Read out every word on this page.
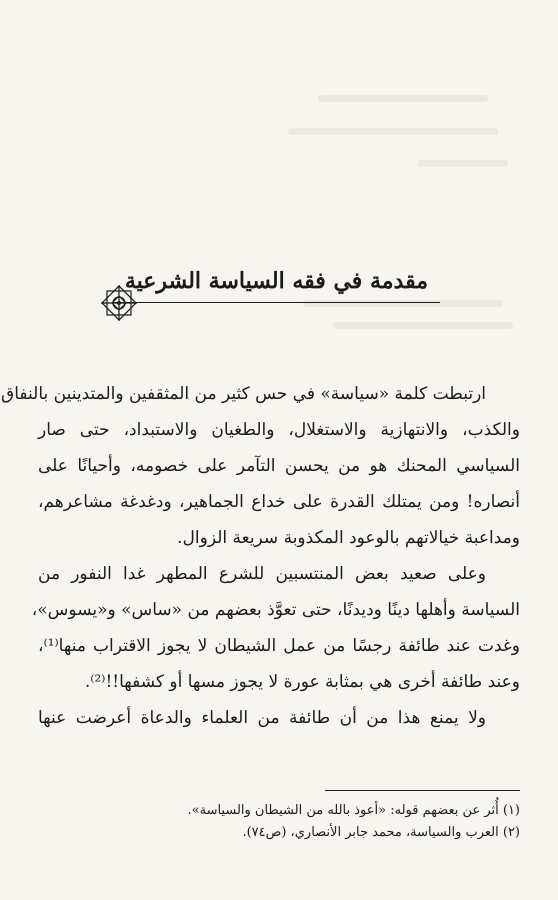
مقدمة في فقه السياسة الشرعية
ارتبطت كلمة «سياسة» في حس كثير من المثقفين والمتدينين بالنفاق
والكذب، والانتهازية والاستغلال، والطغيان والاستبداد، حتى صار
السياسي المحنك هو من يحسن التآمر على خصومه، وأحيانًا على
أنصاره! ومن يمتلك القدرة على خداع الجماهير، ودغدغة مشاعرهم،
ومداعبة خيالاتهم بالوعود المكذوبة سريعة الزوال.
وعلى صعيد بعض المنتسبين للشرع المطهر غدا النفور من
السياسة وأهلها دينًا وديدنًا، حتى تعوَّذ بعضهم من «ساس» و«يسوس»،
وغدت عند طائفة رجسًا من عمل الشيطان لا يجوز الاقتراب منها⁽¹⁾،
وعند طائفة أخرى هي بمثابة عورة لا يجوز مسها أو كشفها!!⁽²⁾.
ولا يمنع هذا من أن طائفة من العلماء والدعاة أعرضت عنها
(١) أُثر عن بعضهم قوله: «أعوذ بالله من الشيطان والسياسة».
(٢) العرب والسياسة، محمد جابر الأنصاري، (ص٧٤).
